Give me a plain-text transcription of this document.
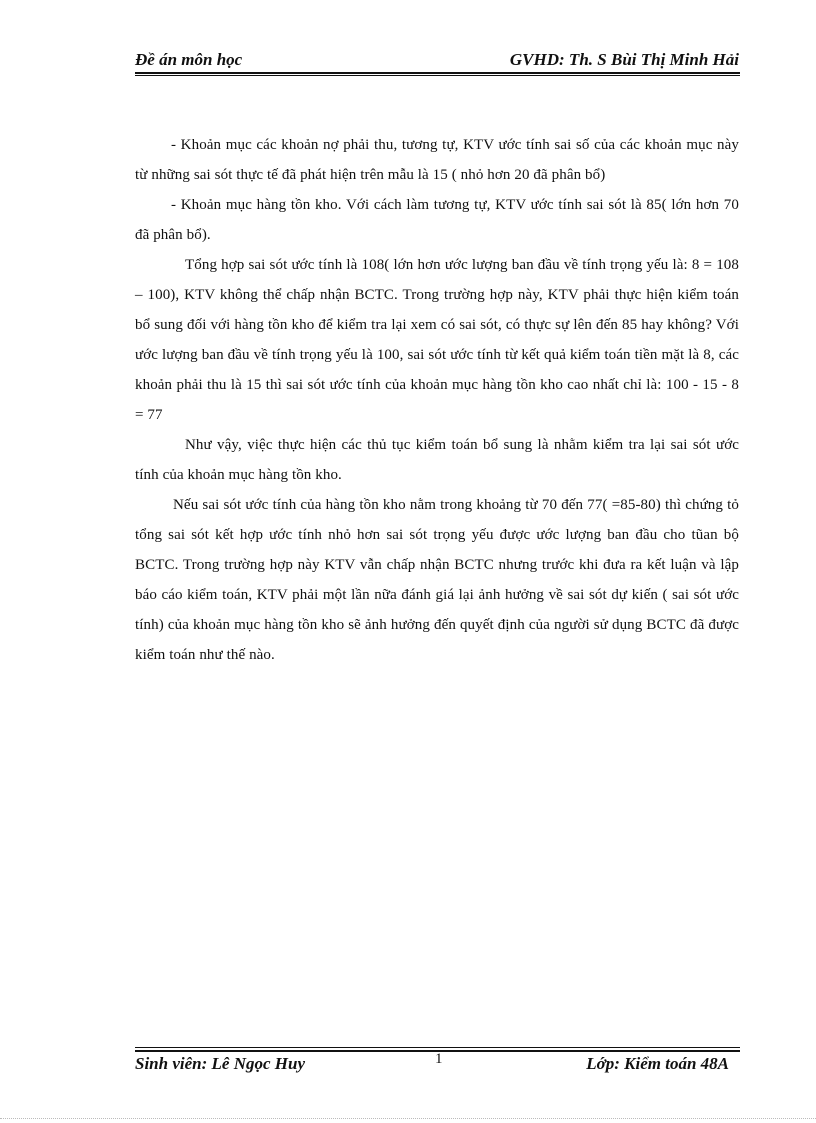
Đề án môn học	GVHD: Th. S Bùi Thị Minh Hải

- Khoản mục các khoản nợ phải thu, tương tự, KTV ước tính sai số của các khoản mục này từ những sai sót thực tế đã phát hiện trên mẫu là 15 ( nhỏ hơn 20 đã phân bổ)

- Khoản mục hàng tồn kho. Với cách làm tương tự, KTV ước tính sai sót là 85( lớn hơn 70 đã phân bổ).

Tổng hợp sai sót ước tính là 108( lớn hơn ước lượng ban đầu về tính trọng yếu là: 8 = 108 – 100), KTV không thể chấp nhận BCTC. Trong trường hợp này, KTV phải thực hiện kiểm toán bổ sung đối với hàng tồn kho để kiểm tra lại xem có sai sót, có thực sự lên đến 85 hay không? Với ước lượng ban đầu về tính trọng yếu là 100, sai sót ước tính từ kết quả kiểm toán tiền mặt là 8, các khoản phải thu là 15 thì sai sót ước tính của khoản mục hàng tồn kho cao nhất chỉ là: 100 - 15 - 8 = 77

Như vậy, việc thực hiện các thủ tục kiểm toán bổ sung là nhằm kiểm tra lại sai sót ước tính của khoản mục hàng tồn kho.

Nếu sai sót ước tính của hàng tồn kho nằm trong khoảng từ 70 đến 77( =85-80) thì chứng tỏ tổng sai sót kết hợp ước tính nhỏ hơn sai sót trọng yếu được ước lượng ban đầu cho tũan bộ BCTC. Trong trường hợp này KTV vẫn chấp nhận BCTC nhưng trước khi đưa ra kết luận và lập báo cáo kiểm toán, KTV phải một lần nữa đánh giá lại ảnh hưởng về sai sót dự kiến ( sai sót ước tính) của khoản mục hàng tồn kho sẽ ảnh hưởng đến quyết định của người sử dụng BCTC đã được kiểm toán như thế nào.

Sinh viên: Lê Ngọc Huy	1	Lớp: Kiểm toán 48A
